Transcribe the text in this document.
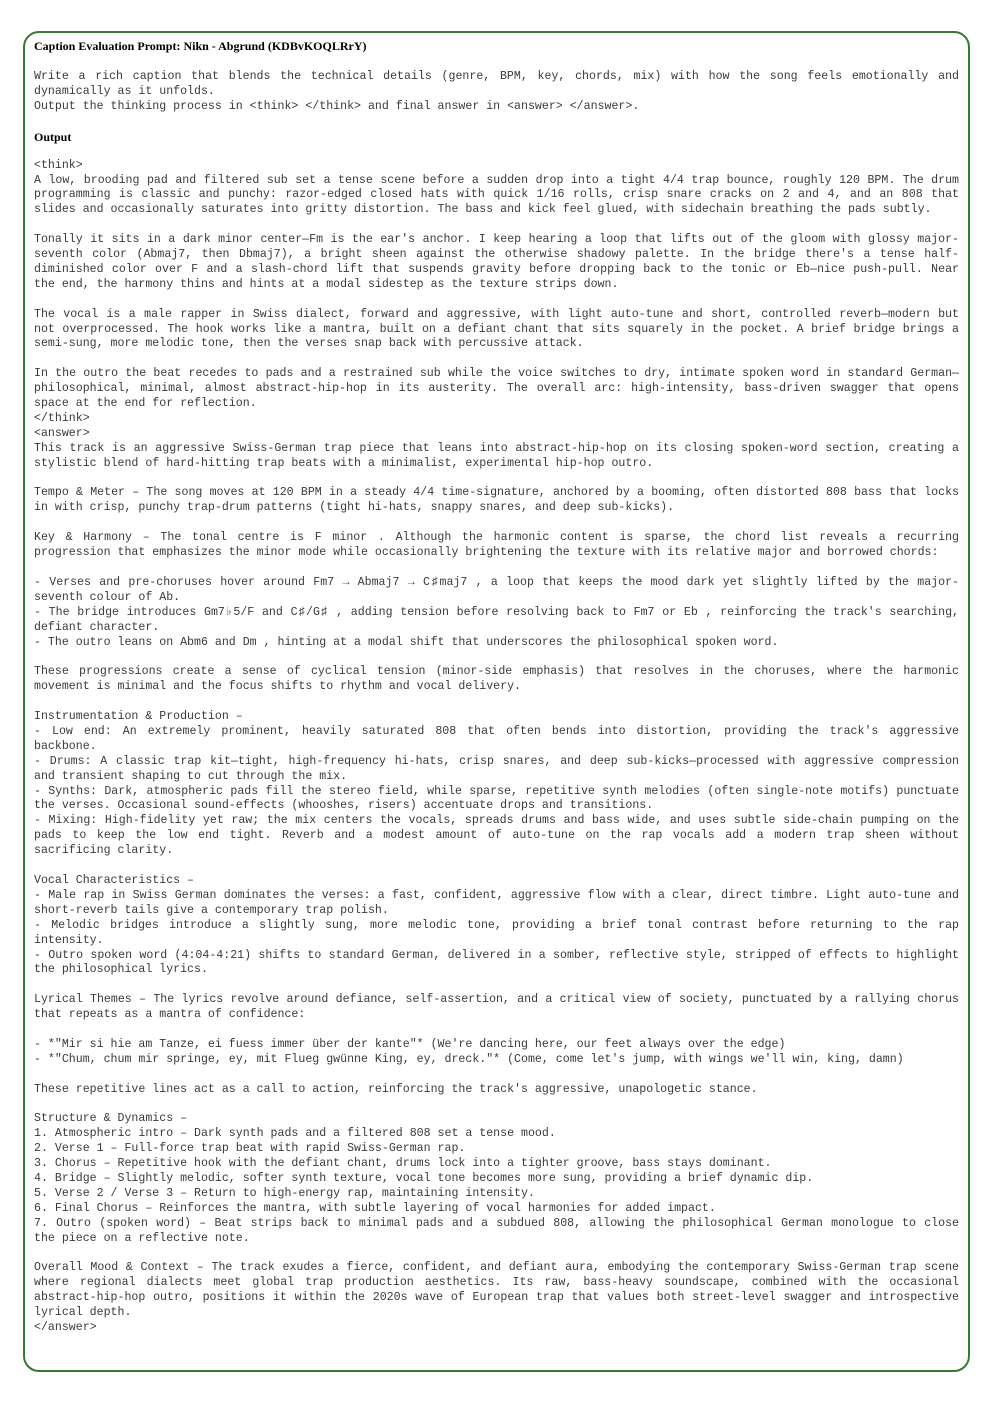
Caption Evaluation Prompt: Nikn - Abgrund (KDBvKOQLRrY)
Write a rich caption that blends the technical details (genre, BPM, key, chords, mix) with how the song feels emotionally and dynamically as it unfolds.
Output the thinking process in <think> </think> and final answer in <answer> </answer>.
Output
<think>
A low, brooding pad and filtered sub set a tense scene before a sudden drop into a tight 4/4 trap bounce, roughly 120 BPM. The drum programming is classic and punchy: razor-edged closed hats with quick 1/16 rolls, crisp snare cracks on 2 and 4, and an 808 that slides and occasionally saturates into gritty distortion. The bass and kick feel glued, with sidechain breathing the pads subtly.
Tonally it sits in a dark minor center—Fm is the ear's anchor. I keep hearing a loop that lifts out of the gloom with glossy major-seventh color (Abmaj7, then Dbmaj7), a bright sheen against the otherwise shadowy palette. In the bridge there's a tense half-diminished color over F and a slash-chord lift that suspends gravity before dropping back to the tonic or Eb—nice push-pull. Near the end, the harmony thins and hints at a modal sidestep as the texture strips down.
The vocal is a male rapper in Swiss dialect, forward and aggressive, with light auto-tune and short, controlled reverb—modern but not overprocessed. The hook works like a mantra, built on a defiant chant that sits squarely in the pocket. A brief bridge brings a semi-sung, more melodic tone, then the verses snap back with percussive attack.
In the outro the beat recedes to pads and a restrained sub while the voice switches to dry, intimate spoken word in standard German—philosophical, minimal, almost abstract-hip-hop in its austerity. The overall arc: high-intensity, bass-driven swagger that opens space at the end for reflection.
</think>
<answer>
This track is an aggressive Swiss-German trap piece that leans into abstract-hip-hop on its closing spoken-word section, creating a stylistic blend of hard-hitting trap beats with a minimalist, experimental hip-hop outro.
Tempo & Meter – The song moves at 120 BPM in a steady 4/4 time-signature, anchored by a booming, often distorted 808 bass that locks in with crisp, punchy trap-drum patterns (tight hi-hats, snappy snares, and deep sub-kicks).
Key & Harmony – The tonal centre is F minor . Although the harmonic content is sparse, the chord list reveals a recurring progression that emphasizes the minor mode while occasionally brightening the texture with its relative major and borrowed chords:
- Verses and pre-choruses hover around Fm7 → Abmaj7 → C♯maj7 , a loop that keeps the mood dark yet slightly lifted by the major-seventh colour of Ab.
- The bridge introduces Gm7♭5/F and C♯/G♯ , adding tension before resolving back to Fm7 or Eb , reinforcing the track's searching, defiant character.
- The outro leans on Abm6 and Dm , hinting at a modal shift that underscores the philosophical spoken word.
These progressions create a sense of cyclical tension (minor-side emphasis) that resolves in the choruses, where the harmonic movement is minimal and the focus shifts to rhythm and vocal delivery.
Instrumentation & Production –
- Low end: An extremely prominent, heavily saturated 808 that often bends into distortion, providing the track's aggressive backbone.
- Drums: A classic trap kit—tight, high-frequency hi-hats, crisp snares, and deep sub-kicks—processed with aggressive compression and transient shaping to cut through the mix.
- Synths: Dark, atmospheric pads fill the stereo field, while sparse, repetitive synth melodies (often single-note motifs) punctuate the verses. Occasional sound-effects (whooshes, risers) accentuate drops and transitions.
- Mixing: High-fidelity yet raw; the mix centers the vocals, spreads drums and bass wide, and uses subtle side-chain pumping on the pads to keep the low end tight. Reverb and a modest amount of auto-tune on the rap vocals add a modern trap sheen without sacrificing clarity.
Vocal Characteristics –
- Male rap in Swiss German dominates the verses: a fast, confident, aggressive flow with a clear, direct timbre. Light auto-tune and short-reverb tails give a contemporary trap polish.
- Melodic bridges introduce a slightly sung, more melodic tone, providing a brief tonal contrast before returning to the rap intensity.
- Outro spoken word (4:04-4:21) shifts to standard German, delivered in a somber, reflective style, stripped of effects to highlight the philosophical lyrics.
Lyrical Themes – The lyrics revolve around defiance, self-assertion, and a critical view of society, punctuated by a rallying chorus that repeats as a mantra of confidence:
- *"Mir si hie am Tanze, ei fuess immer über der kante"* (We're dancing here, our feet always over the edge)
- *"Chum, chum mir springe, ey, mit Flueg gwünne King, ey, dreck."* (Come, come let's jump, with wings we'll win, king, damn)
These repetitive lines act as a call to action, reinforcing the track's aggressive, unapologetic stance.
Structure & Dynamics –
1. Atmospheric intro – Dark synth pads and a filtered 808 set a tense mood.
2. Verse 1 – Full-force trap beat with rapid Swiss-German rap.
3. Chorus – Repetitive hook with the defiant chant, drums lock into a tighter groove, bass stays dominant.
4. Bridge – Slightly melodic, softer synth texture, vocal tone becomes more sung, providing a brief dynamic dip.
5. Verse 2 / Verse 3 – Return to high-energy rap, maintaining intensity.
6. Final Chorus – Reinforces the mantra, with subtle layering of vocal harmonies for added impact.
7. Outro (spoken word) – Beat strips back to minimal pads and a subdued 808, allowing the philosophical German monologue to close the piece on a reflective note.
Overall Mood & Context – The track exudes a fierce, confident, and defiant aura, embodying the contemporary Swiss-German trap scene where regional dialects meet global trap production aesthetics. Its raw, bass-heavy soundscape, combined with the occasional abstract-hip-hop outro, positions it within the 2020s wave of European trap that values both street-level swagger and introspective lyrical depth.
</answer>
